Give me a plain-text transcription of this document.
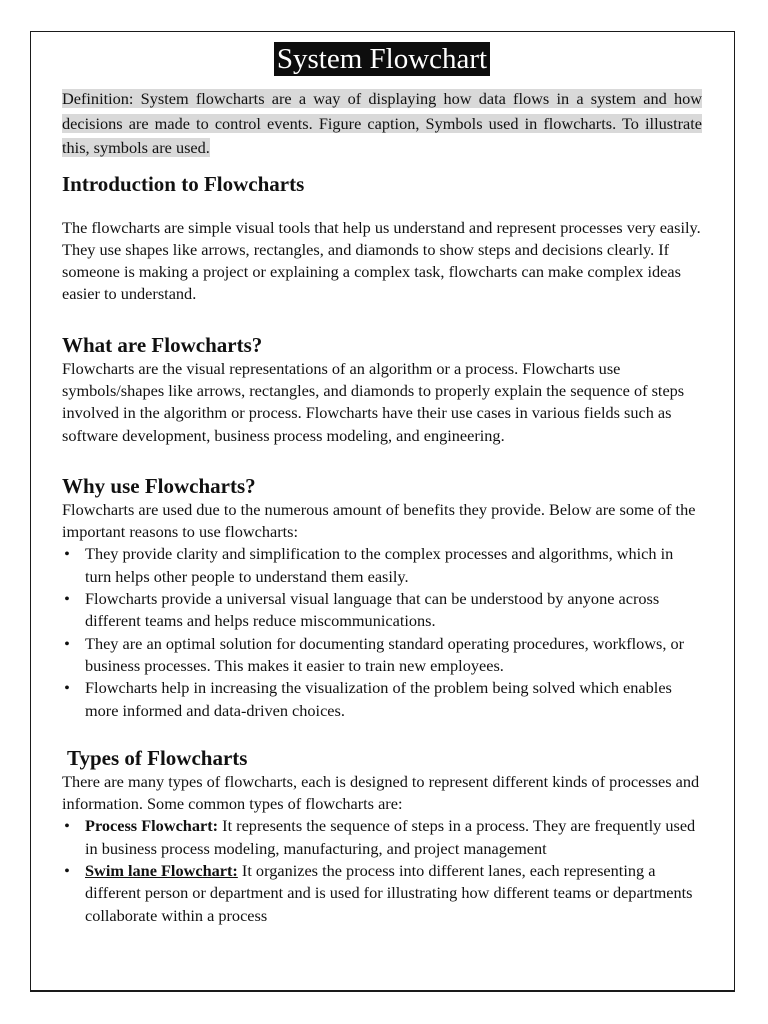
System Flowchart

Definition: System flowcharts are a way of displaying how data flows in a system and how decisions are made to control events. Figure caption, Symbols used in flowcharts. To illustrate this, symbols are used.

Introduction to Flowcharts

The flowcharts are simple visual tools that help us understand and represent processes very easily. They use shapes like arrows, rectangles, and diamonds to show steps and decisions clearly. If someone is making a project or explaining a complex task, flowcharts can make complex ideas easier to understand.

What are Flowcharts?

Flowcharts are the visual representations of an algorithm or a process. Flowcharts use symbols/shapes like arrows, rectangles, and diamonds to properly explain the sequence of steps involved in the algorithm or process. Flowcharts have their use cases in various fields such as software development, business process modeling, and engineering.

Why use Flowcharts?

Flowcharts are used due to the numerous amount of benefits they provide. Below are some of the important reasons to use flowcharts:

• They provide clarity and simplification to the complex processes and algorithms, which in turn helps other people to understand them easily.
• Flowcharts provide a universal visual language that can be understood by anyone across different teams and helps reduce miscommunications.
• They are an optimal solution for documenting standard operating procedures, workflows, or business processes. This makes it easier to train new employees.
• Flowcharts help in increasing the visualization of the problem being solved which enables more informed and data-driven choices.
Types of Flowcharts

There are many types of flowcharts, each is designed to represent different kinds of processes and information. Some common types of flowcharts are:

• Process Flowchart: It represents the sequence of steps in a process. They are frequently used in business process modeling, manufacturing, and project management
• Swim lane Flowchart: It organizes the process into different lanes, each representing a different person or department and is used for illustrating how different teams or departments collaborate within a process
